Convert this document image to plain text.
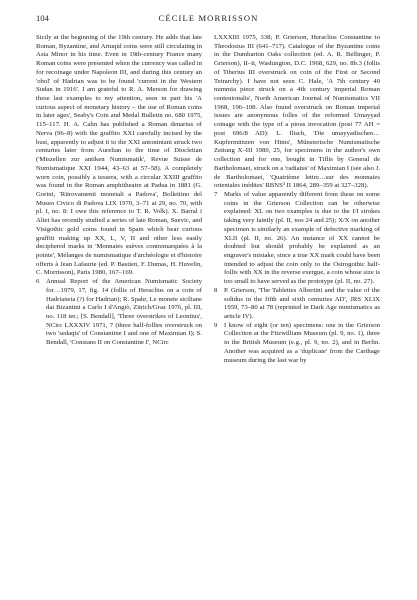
104	CÉCILE MORRISSON

Sicily at the beginning of the 19th century. He adds that late Roman, Byzantine, and Artuqid coins were still circulating in Asia Minor in his time. Even in 19th-century France many Roman coins were presented when the currency was called in for recoinage under Napoleon III, and during this century an 'obol' of Hadrian was to be found 'current in the Western Sudan in 1916'. I am grateful to R. A. Merson for drawing these last examples to my attention, seen in part his 'A curious aspect of monetary history – the use of Roman coins in later ages', Seaby's Coin and Medal Bulletin no. 680 1975, 115–117. H. A. Cahn has published a Roman denarius of Nerva (96–8) with the graffito XXI carefully incised by the bust, apparently to adjust it to the XXI antoniniani struck two centuries later from Aurelian to the time of Diocletian ('Miszellen zur antiken Numismatik', Revue Suisse de Numismatique XXI 1944, 43–63 at 57–58). A completely worn coin, possibly a tessera, with a circular XXIII graffito was found in the Roman amphitheatre at Padua in 1881 (G. Gorini, 'Ritrovamenti monetali a Padova', Bollettino del Museo Civico di Padova LIX 1970, 3–71 at 29, no. 70, with pl. I, no. 8: I owe this reference to T. R. Volk). X. Barral i Altet has recently studied a series of late Roman, Suevic, and Visigothic gold coins found in Spain which bear curious graffiti making up XX, L, V, II and other less easily deciphered marks in 'Monnaies suèves contremarquées à la pointe', Mélanges de numismatique d'archéologie et d'histoire offerts à Jean Lafaurie (ed. P. Bastien, F. Dumas, H. Huvelin, C. Morrisson), Paris 1980, 167–169.

6 Annual Report of the American Numismatic Society for…1979, 17, fig. 14 (follis of Heraclius on a coin of Hadrianeia (?) for Hadrian); R. Spahr, Le monete siciliane dai Bizantini a Carlo I d'Angiò, Zürich/Graz 1976, pl. III, no. 118 ter.; [S. Bendall], 'Three overstrikes of Leontius', NCirc LXXXIV 1971, 7 (three half-follies overstruck on two 'sedaqis' of Constantine I and one of Maximian I); S. Bendall, 'Constans II on Constantine I', NCirc

LXXXIII 1975, 338; P. Grierson, Heraclius Constantine to Theodosius III (641–717). Catalogue of the Byzantine coins in the Dumbarton Oaks collection (ed. A. R. Bellinger, P. Grierson), II–ii, Washington, D.C. 1968, 629, no. 8b.3 (follis of Tiberius III overstruck on coin of the First or Second Tetrarchy). I have not seen C. Hale, 'A 7th century 40 nummia piece struck on a 4th century imperial Roman centenionalis', North American Journal of Numismatics VII 1968, 196–108. Also found overstruck on Roman imperial issues are anonymous folles of the reformed Umayyad coinage with the type of a pious invocation (post 77 AH = post 696/8 AD): L. Ilisch, 'Die umayyadischen…Kupfermünzen von Hims', Münsterische Numismatische Zeitung X–III 1980, 25, for specimens in the author's own collection and for one, bought in Tiflis by General de Bartholomaei, struck on a 'radiatus' of Maximian I (see also J. de Bartholomaei, 'Quatrième lettre…sur des monnaies orientales inédites' RBNS³ II 1864, 289–359 at 327–328).

7 Marks of value apparently different from these on some coins in the Grierson Collection can be otherwise explained: XL on two examples is due to the I/I strokes taking very faintly (pl. II, nos 24 and 25); X/X on another specimen is similarly an example of defective marking of XLII (pl. II, no. 26). An instance of XX cannot be doubted but should probably be explained as an engraver's mistake, since a true XX mark could have been intended to adjust the coin only to the Ostrogothic half-follis with XX in the reverse exergue, a coin whose size is too small to have served as the prototype (pl. II, no. 27).

8 P. Grierson, 'The Tablettes Albertini and the value of the solidus in the fifth and sixth centuries AD', JRS XLIX 1959, 73–80 at 78 (reprinted in Dark Age numismatics as article IV).

9 I know of eight (or ten) specimens: one in the Grierson Collection at the Fitzwilliam Museum (pl. 9, no. 1), three in the British Museum (e.g., pl. 9, no. 2), and in Berlin. Another was acquired as a 'duplicate' from the Carthage museum during the last war by
